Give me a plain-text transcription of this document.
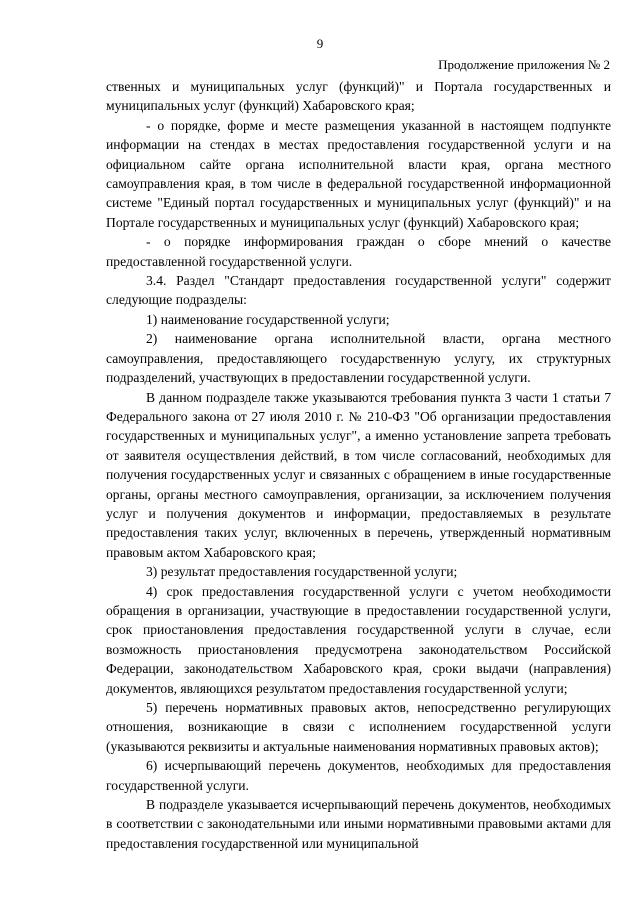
9
Продолжение приложения № 2

ственных и муниципальных услуг (функций)" и Портала государственных и муниципальных услуг (функций) Хабаровского края;

- о порядке, форме и месте размещения указанной в настоящем подпункте информации на стендах в местах предоставления государственной услуги и на официальном сайте органа исполнительной власти края, органа местного самоуправления края, в том числе в федеральной государственной информационной системе "Единый портал государственных и муниципальных услуг (функций)" и на Портале государственных и муниципальных услуг (функций) Хабаровского края;

- о порядке информирования граждан о сборе мнений о качестве предоставленной государственной услуги.

3.4. Раздел "Стандарт предоставления государственной услуги" содержит следующие подразделы:

1) наименование государственной услуги;

2) наименование органа исполнительной власти, органа местного самоуправления, предоставляющего государственную услугу, их структурных подразделений, участвующих в предоставлении государственной услуги.

В данном подразделе также указываются требования пункта 3 части 1 статьи 7 Федерального закона от 27 июля 2010 г. № 210-ФЗ "Об организации предоставления государственных и муниципальных услуг", а именно установление запрета требовать от заявителя осуществления действий, в том числе согласований, необходимых для получения государственных услуг и связанных с обращением в иные государственные органы, органы местного самоуправления, организации, за исключением получения услуг и получения документов и информации, предоставляемых в результате предоставления таких услуг, включенных в перечень, утвержденный нормативным правовым актом Хабаровского края;

3) результат предоставления государственной услуги;

4) срок предоставления государственной услуги с учетом необходимости обращения в организации, участвующие в предоставлении государственной услуги, срок приостановления предоставления государственной услуги в случае, если возможность приостановления предусмотрена законодательством Российской Федерации, законодательством Хабаровского края, сроки выдачи (направления) документов, являющихся результатом предоставления государственной услуги;

5) перечень нормативных правовых актов, непосредственно регулирующих отношения, возникающие в связи с исполнением государственной услуги (указываются реквизиты и актуальные наименования нормативных правовых актов);

6) исчерпывающий перечень документов, необходимых для предоставления государственной услуги.

В подразделе указывается исчерпывающий перечень документов, необходимых в соответствии с законодательными или иными нормативными правовыми актами для предоставления государственной или муниципальной
